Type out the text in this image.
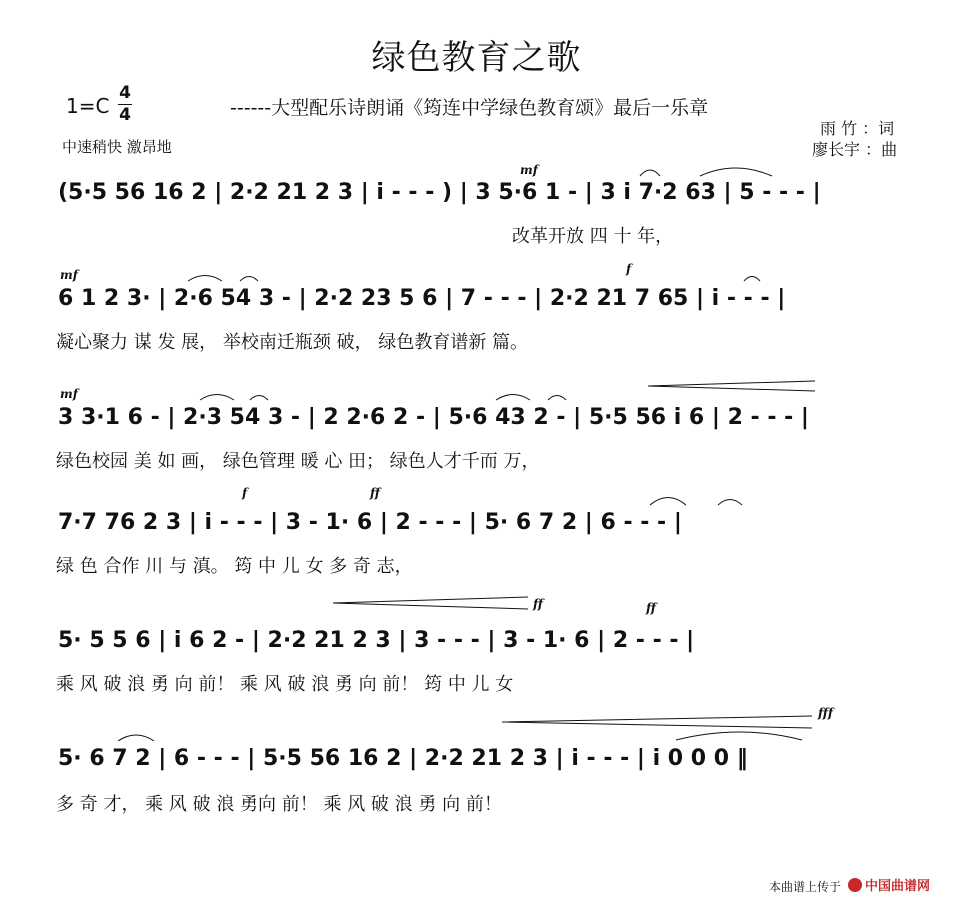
绿色教育之歌
1=C
4
4	------大型配乐诗朗诵《筠连中学绿色教育颂》最后一乐章
中速稍快 激昂地
雨 竹 ：词
廖长宇 ：曲
mf
(5·5 56 16 2 | 2·2 21 2 3 | i - - - ) | 3 5·6 1 - | 3 i 7·2 63 | 5 - - - |
改革开放 四 十 年，
mf	f
6 1 2 3· | 2·6 54 3 - | 2·2 23 5 6 | 7 - - - | 2·2 21 7 65 | i - - - |
凝心聚力 谋 发 展， 举校南迁瓶颈 破， 绿色教育谱新 篇。
mf
3 3·1 6 - | 2·3 54 3 - | 2 2·6 2 - | 5·6 43 2 - | 5·5 56 i 6 | 2 - - - |
绿色校园 美 如 画， 绿色管理 暖 心 田； 绿色人才千而 万，
f	ff
7·7 76 2 3 | i - - - | 3 - 1· 6 | 2 - - - | 5· 6 7 2 | 6 - - - |
绿 色 合作 川 与 滇。 筠 中 儿 女 多 奇 志，
ff	ff
5· 5 5 6 | i 6 2 - | 2·2 21 2 3 | 3 - - - | 3 - 1· 6 | 2 - - - |
乘 风 破 浪 勇 向 前！ 乘 风 破 浪 勇 向 前！ 筠 中 儿 女
fff
5· 6 7 2 | 6 - - - | 5·5 56 16 2 | 2·2 21 2 3 | i - - - | i 0 0 0 ‖
多 奇 才， 乘 风 破 浪 勇向 前！ 乘 风 破 浪 勇 向 前！
本曲谱上传于	中国曲谱网
